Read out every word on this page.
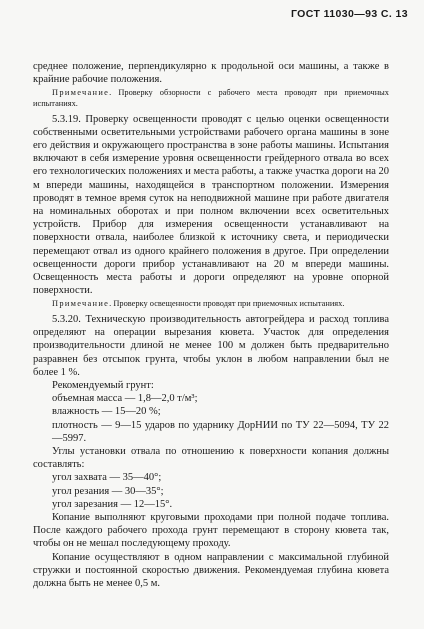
ГОСТ 11030—93 С. 13

среднее положение, перпендикулярно к продольной оси машины, а также в крайние рабочие положения.

Примечание. Проверку обзорности с рабочего места проводят при приемочных испытаниях.

5.3.19. Проверку освещенности проводят с целью оценки освещенности собственными осветительными устройствами рабочего органа машины в зоне его действия и окружающего пространства в зоне работы машины. Испытания включают в себя измерение уровня освещенности грейдерного отвала во всех его технологических положениях и места работы, а также участка дороги на 20 м впереди машины, находящейся в транспортном положении. Измерения проводят в темное время суток на неподвижной машине при работе двигателя на номинальных оборотах и при полном включении всех осветительных устройств. Прибор для измерения освещенности устанавливают на поверхности отвала, наиболее близкой к источнику света, и периодически перемещают отвал из одного крайнего положения в другое. При определении освещенности дороги прибор устанавливают на 20 м впереди машины. Освещенность места работы и дороги определяют на уровне опорной поверхности.

Примечание. Проверку освещенности проводят при приемочных испытаниях.

5.3.20. Техническую производительность автогрейдера и расход топлива определяют на операции вырезания кювета. Участок для определения производительности длиной не менее 100 м должен быть предварительно разравнен без отсыпок грунта, чтобы уклон в любом направлении был не более 1 %.

Рекомендуемый грунт:

объемная масса — 1,8—2,0 т/м³;

влажность — 15—20 %;

плотность — 9—15 ударов по ударнику ДорНИИ по ТУ 22—5094, ТУ 22—5997.

Углы установки отвала по отношению к поверхности копания должны составлять:

угол захвата — 35—40°;

угол резания — 30—35°;

угол зарезания — 12—15°.

Копание выполняют круговыми проходами при полной подаче топлива. После каждого рабочего прохода грунт перемещают в сторону кювета так, чтобы он не мешал последующему проходу.

Копание осуществляют в одном направлении с максимальной глубиной стружки и постоянной скоростью движения. Рекомендуемая глубина кювета должна быть не менее 0,5 м.
